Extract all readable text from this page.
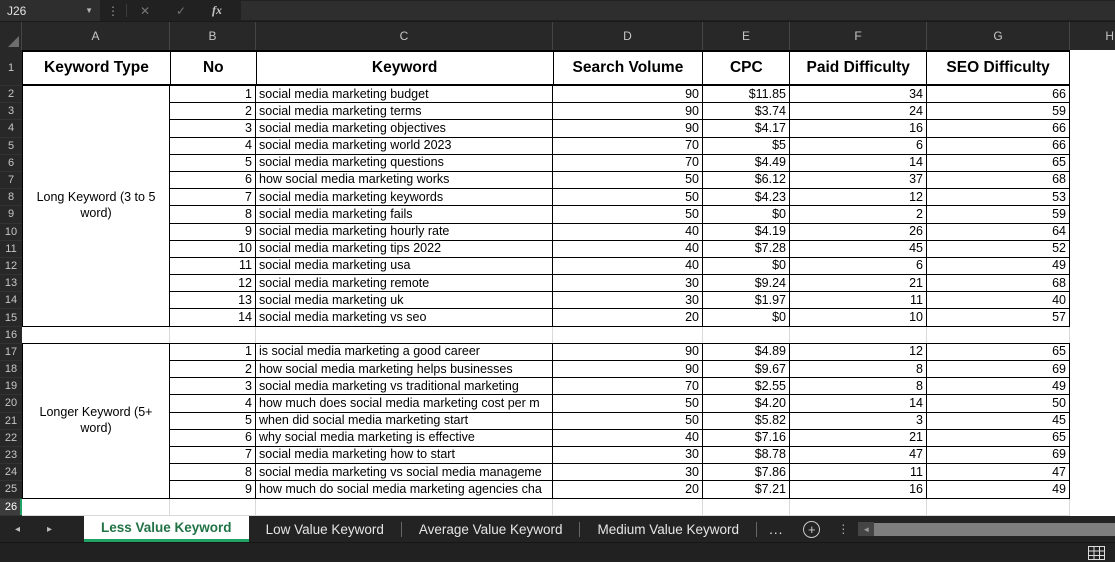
J26	▼	⋮	✕	✓	fx
A	B	C	D	E	F	G	H
1
2
3
4
5
6
7
8
9
10
11
12
13
14
15
16
17
18
19
20
21
22
23
24
25
26
Keyword Type	No	Keyword	Search Volume	CPC	Paid Difficulty	SEO Difficulty
Long Keyword (3 to 5 word)
1 social media marketing budget	90	$11.85	34	66
2 social media marketing terms	90	$3.74	24	59
3 social media marketing objectives	90	$4.17	16	66
4 social media marketing world 2023	70	$5	6	66
5 social media marketing questions	70	$4.49	14	65
6 how social media marketing works	50	$6.12	37	68
7 social media marketing keywords	50	$4.23	12	53
8 social media marketing fails	50	$0	2	59
9 social media marketing hourly rate	40	$4.19	26	64
10 social media marketing tips 2022	40	$7.28	45	52
11 social media marketing usa	40	$0	6	49
12 social media marketing remote	30	$9.24	21	68
13 social media marketing uk	30	$1.97	11	40
14 social media marketing vs seo	20	$0	10	57
Longer Keyword (5+ word)
1 is social media marketing a good career	90	$4.89	12	65
2 how social media marketing helps businesses	90	$9.67	8	69
3 social media marketing vs traditional marketing	70	$2.55	8	49
4 how much does social media marketing cost per m	50	$4.20	14	50
5 when did social media marketing start	50	$5.82	3	45
6 why social media marketing is effective	40	$7.16	21	65
7 social media marketing how to start	30	$8.78	47	69
8 social media marketing vs social media manageme	30	$7.86	11	47
9 how much do social media marketing agencies cha	20	$7.21	16	49
◂	▸	Less Value Keyword	Low Value Keyword	Average Value Keyword	Medium Value Keyword	...	+	⋮	◄
